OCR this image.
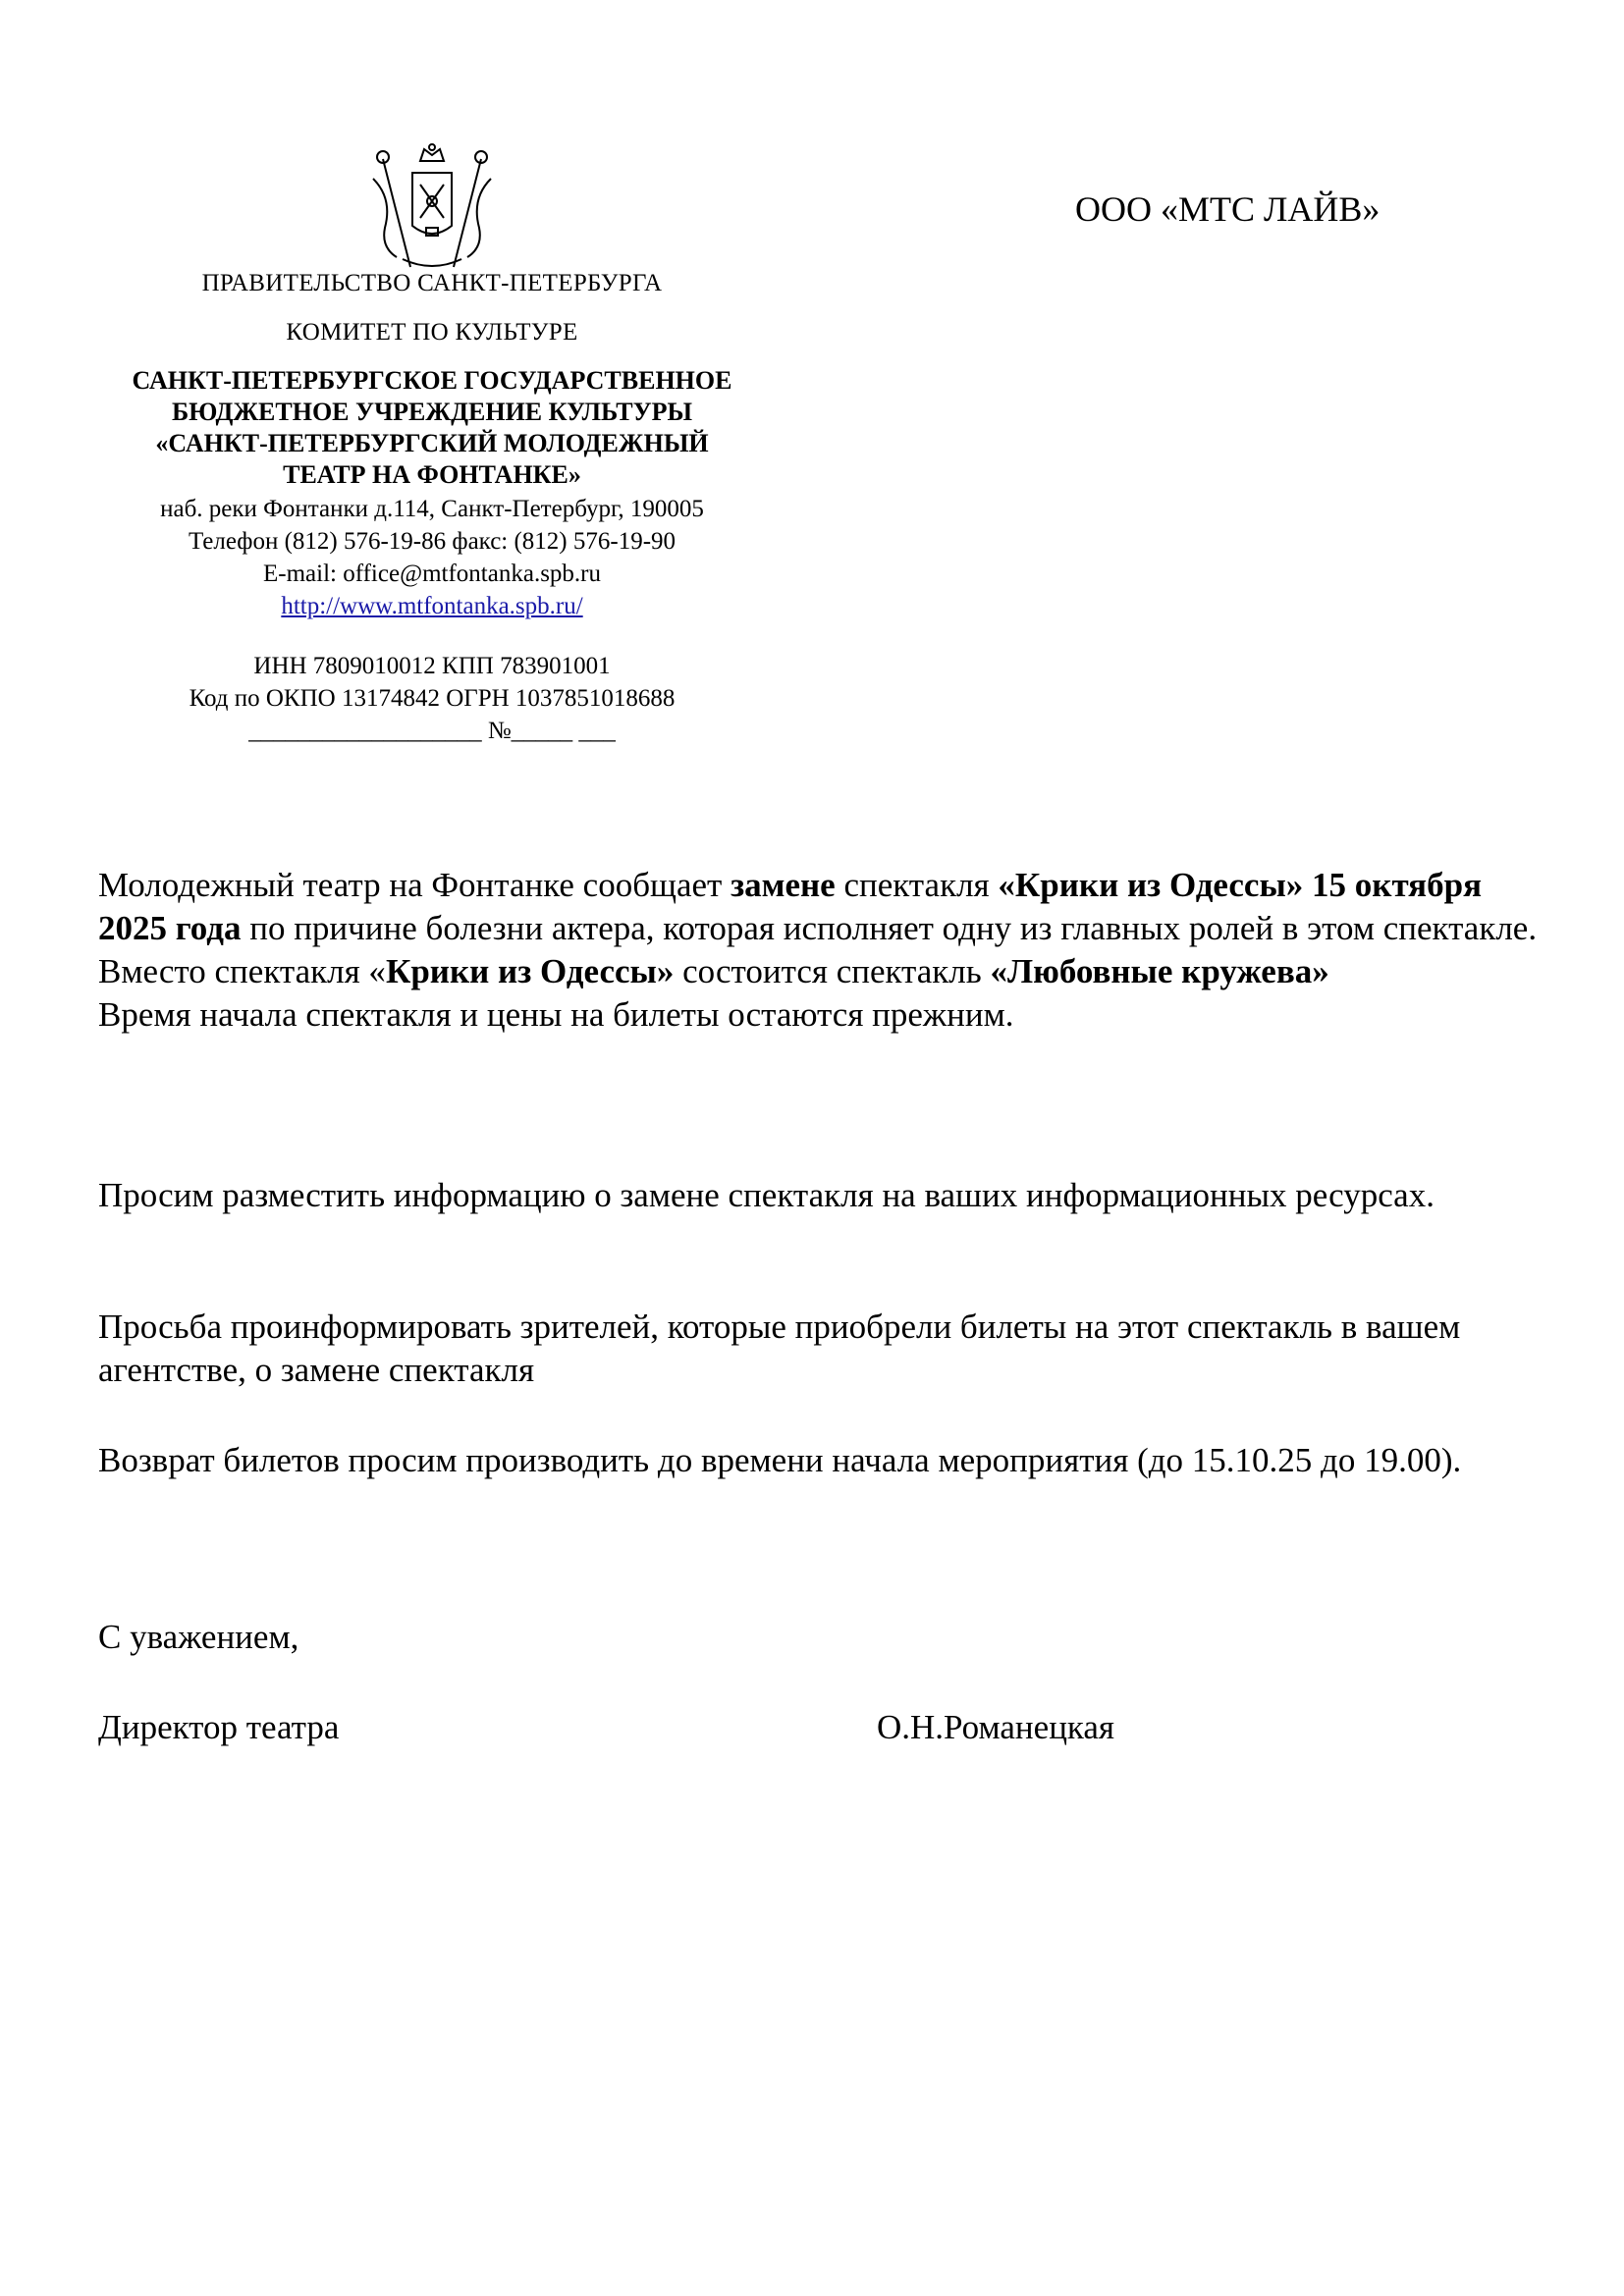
ООО «МТС ЛАЙВ»
ПРАВИТЕЛЬСТВО САНКТ-ПЕТЕРБУРГА
КОМИТЕТ ПО КУЛЬТУРЕ
САНКТ-ПЕТЕРБУРГСКОЕ ГОСУДАРСТВЕННОЕ
БЮДЖЕТНОЕ УЧРЕЖДЕНИЕ КУЛЬТУРЫ
«САНКТ-ПЕТЕРБУРГСКИЙ МОЛОДЕЖНЫЙ
ТЕАТР НА ФОНТАНКЕ»
наб. реки Фонтанки д.114, Санкт-Петербург, 190005
Телефон (812) 576-19-86 факс: (812) 576-19-90
E-mail: office@mtfontanka.spb.ru
http://www.mtfontanka.spb.ru/
ИНН 7809010012 КПП 783901001
Код по ОКПО 13174842 ОГРН 1037851018688
___________________ №_____ ___
Молодежный театр на Фонтанке сообщает замене спектакля «Крики из Одессы» 15 октября 2025 года по причине болезни актера, которая исполняет одну из главных ролей в этом спектакле.
Вместо спектакля «Крики из Одессы» состоится спектакль «Любовные кружева»
Время начала спектакля и цены на билеты остаются прежним.
Просим разместить информацию о замене спектакля на ваших информационных ресурсах.
Просьба проинформировать зрителей, которые приобрели билеты на этот спектакль в вашем агентстве, о замене спектакля
Возврат билетов просим производить до времени начала мероприятия (до 15.10.25 до 19.00).
С уважением,
Директор театра	О.Н.Романецкая
